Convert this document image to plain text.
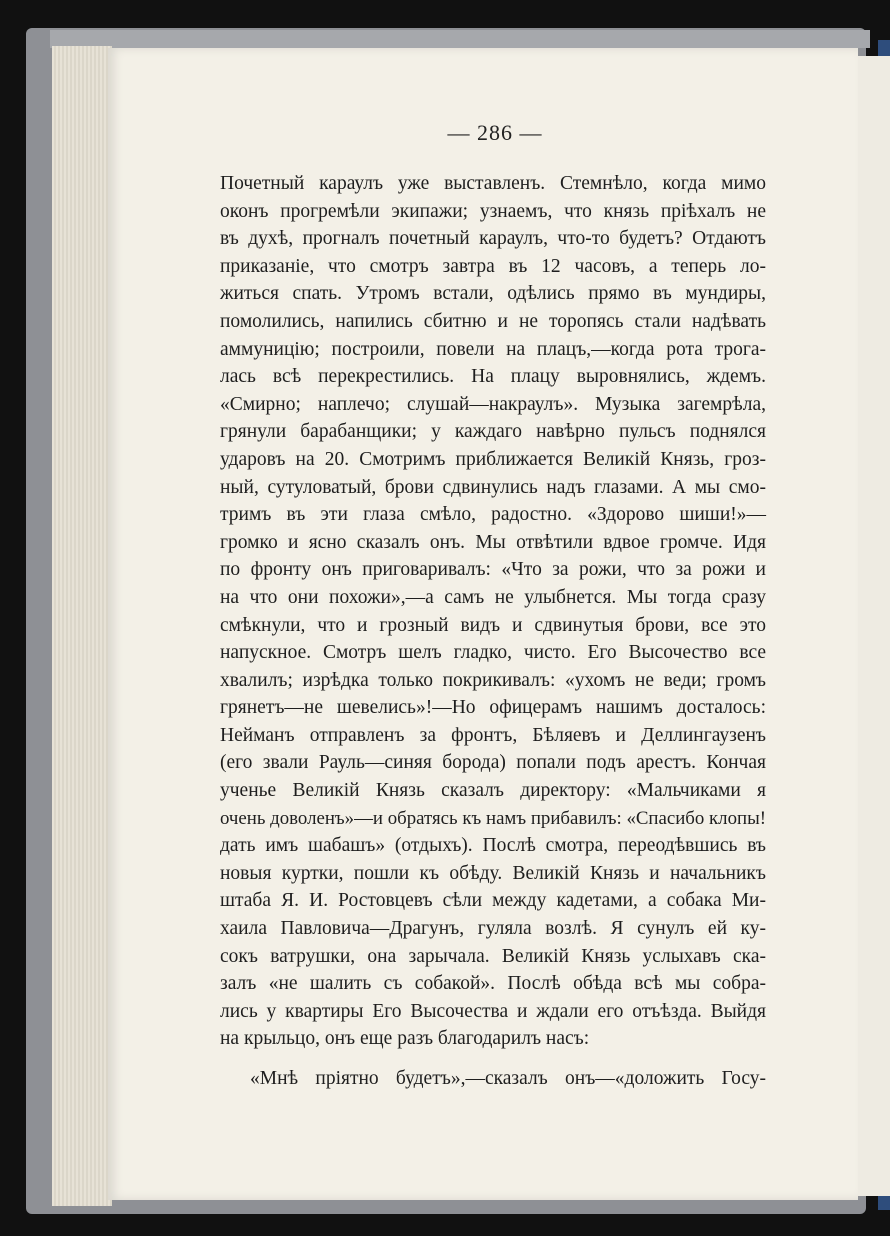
— 286 —
Почетный караулъ уже выставленъ. Стемнѣло, когда мимо
оконъ прогремѣли экипажи; узнаемъ, что князь пріѣхалъ не
въ духѣ, прогналъ почетный караулъ, что-то будетъ? Отдаютъ
приказаніе, что смотръ завтра въ 12 часовъ, а теперь ло-
житься спать. Утромъ встали, одѣлись прямо въ мундиры,
помолились, напились сбитню и не торопясь стали надѣвать
аммуницію; построили, повели на плацъ,—когда рота трога-
лась всѣ перекрестились. На плацу выровнялись, ждемъ.
«Смирно; наплечо; слушай—накраулъ». Музыка загемрѣла,
грянули барабанщики; у каждаго навѣрно пульсъ поднялся
ударовъ на 20. Смотримъ приближается Великій Князь, гроз-
ный, сутуловатый, брови сдвинулись надъ глазами. А мы смо-
тримъ въ эти глаза смѣло, радостно. «Здорово шиши!»—
громко и ясно сказалъ онъ. Мы отвѣтили вдвое громче. Идя
по фронту онъ приговаривалъ: «Что за рожи, что за рожи и
на что они похожи»,—а самъ не улыбнется. Мы тогда сразу
смѣкнули, что и грозный видъ и сдвинутыя брови, все это
напускное. Смотръ шелъ гладко, чисто. Его Высочество все
хвалилъ; изрѣдка только покрикивалъ: «ухомъ не веди; громъ
грянетъ—не шевелись»!—Но офицерамъ нашимъ досталось:
Нейманъ отправленъ за фронтъ, Бѣляевъ и Деллингаузенъ
(его звали Рауль—синяя борода) попали подъ арестъ. Кончая
ученье Великій Князь сказалъ директору: «Мальчиками я
очень доволенъ»—и обратясь къ намъ прибавилъ: «Спасибо клопы!
дать имъ шабашъ» (отдыхъ). Послѣ смотра, переодѣвшись въ
новыя куртки, пошли къ обѣду. Великій Князь и начальникъ
штаба Я. И. Ростовцевъ сѣли между кадетами, а собака Ми-
хаила Павловича—Драгунъ, гуляла возлѣ. Я сунулъ ей ку-
сокъ ватрушки, она зарычала. Великій Князь услыхавъ ска-
залъ «не шалить съ собакой». Послѣ обѣда всѣ мы собра-
лись у квартиры Его Высочества и ждали его отъѣзда. Выйдя
на крыльцо, онъ еще разъ благодарилъ насъ:
«Мнѣ пріятно будетъ»,—сказалъ онъ—«доложить Госу-
